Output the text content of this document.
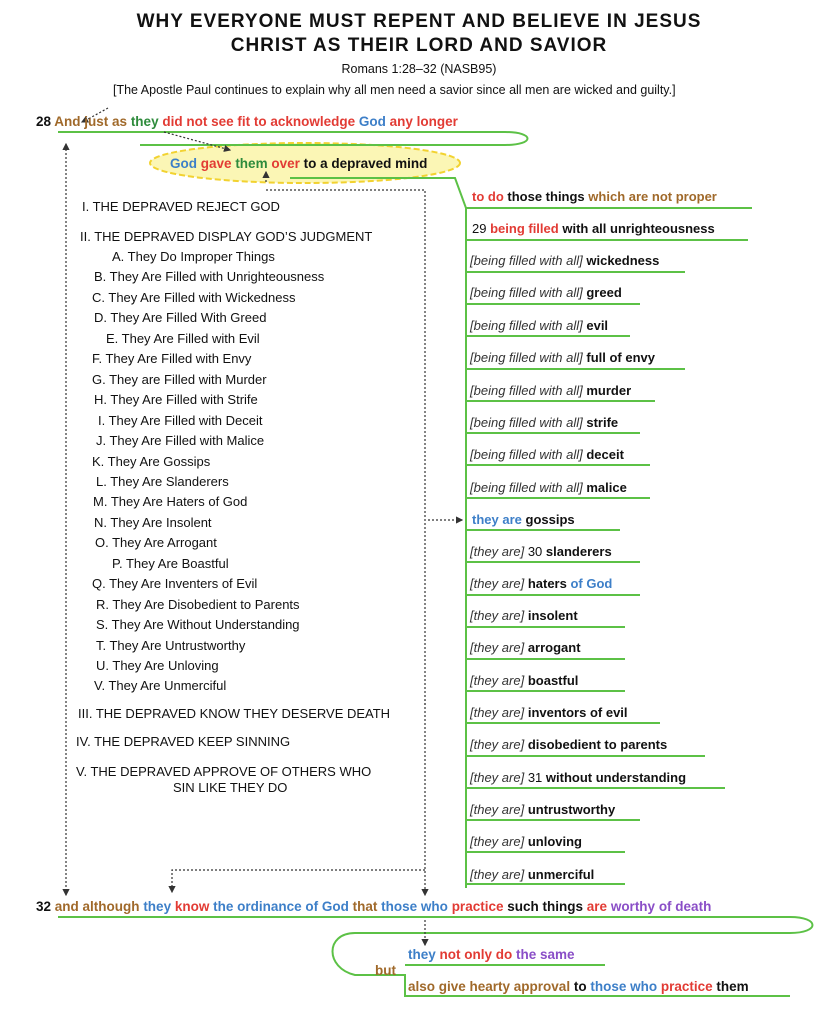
WHY EVERYONE MUST REPENT AND BELIEVE IN JESUS
CHRIST AS THEIR LORD AND SAVIOR
Romans 1:28–32 (NASB95)
[The Apostle Paul continues to explain why all men need a savior since all men are wicked and guilty.]
28 And just as they did not see fit to acknowledge God any longer
God gave them over to a depraved mind
I. THE DEPRAVED REJECT GOD
II. THE DEPRAVED DISPLAY GOD’S JUDGMENT
A. They Do Improper Things
B. They Are Filled with Unrighteousness
C. They Are Filled with Wickedness
D. They Are Filled With Greed
E. They Are Filled with Evil
F. They Are Filled with Envy
G. They are Filled with Murder
H. They Are Filled with Strife
I. They Are Filled with Deceit
J. They Are Filled with Malice
K. They Are Gossips
L. They Are Slanderers
M. They Are Haters of God
N. They Are Insolent
O. They Are Arrogant
P. They Are Boastful
Q. They Are Inventers of Evil
R. They Are Disobedient to Parents
S. They Are Without Understanding
T. They Are Untrustworthy
U. They Are Unloving
V. They Are Unmerciful
III. THE DEPRAVED KNOW THEY DESERVE DEATH
IV. THE DEPRAVED KEEP SINNING
V. THE DEPRAVED APPROVE OF OTHERS WHO
SIN LIKE THEY DO
to do those things which are not proper
29 being filled with all unrighteousness
[being filled with all] wickedness
[being filled with all] greed
[being filled with all] evil
[being filled with all] full of envy
[being filled with all] murder
[being filled with all] strife
[being filled with all] deceit
[being filled with all] malice
they are gossips
[they are] 30 slanderers
[they are] haters of God
[they are] insolent
[they are] arrogant
[they are] boastful
[they are] inventors of evil
[they are] disobedient to parents
[they are] 31 without understanding
[they are] untrustworthy
[they are] unloving
[they are] unmerciful
32 and although they know the ordinance of God that those who practice such things are worthy of death
they not only do the same
but
also give hearty approval to those who practice them
